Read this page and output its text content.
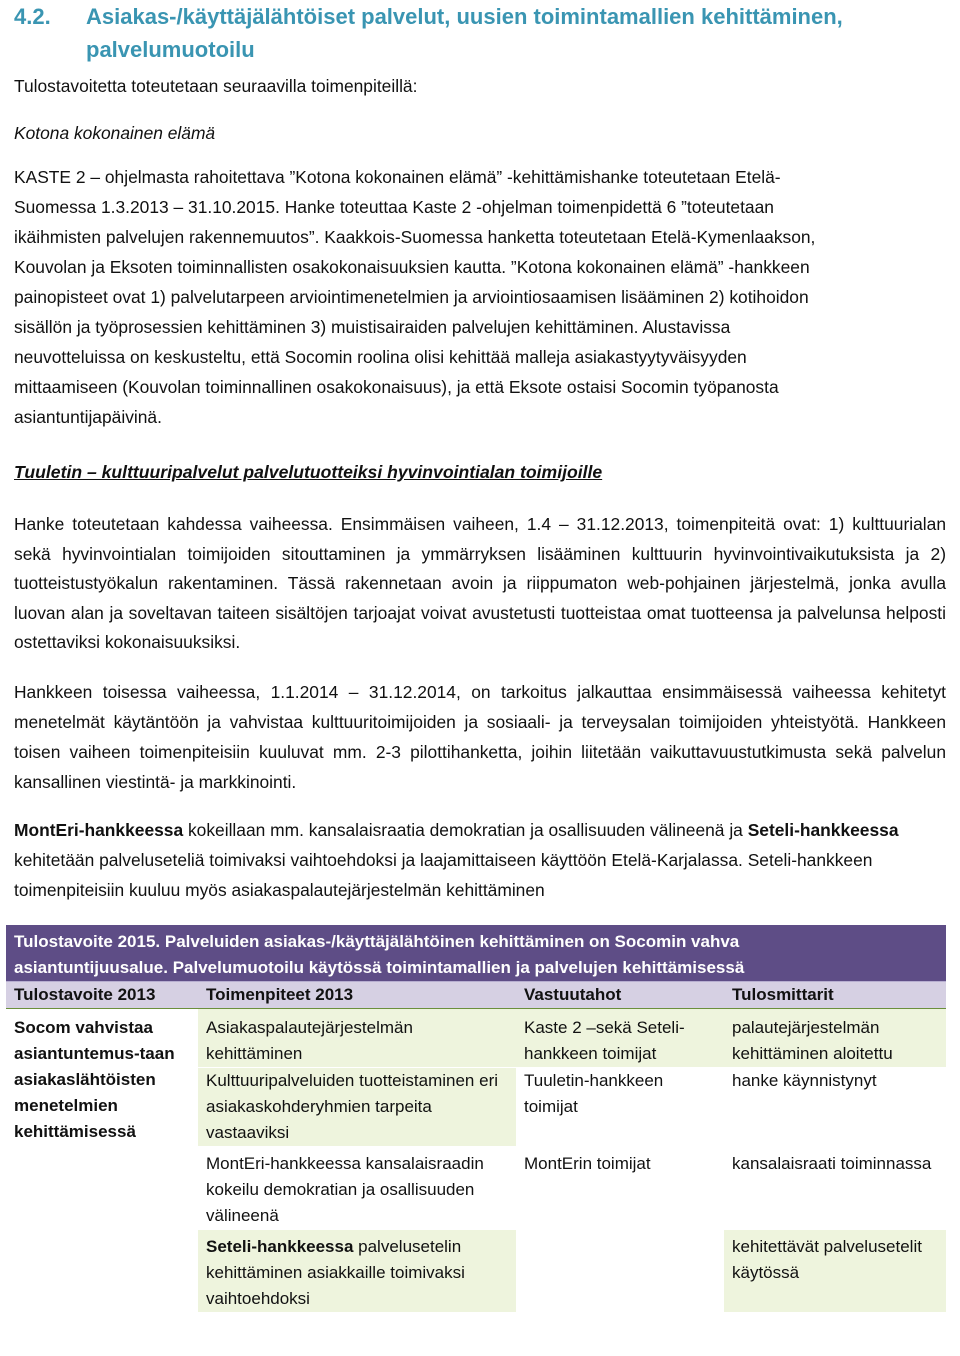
4.2.	Asiakas-/käyttäjälähtöiset palvelut, uusien toimintamallien kehittäminen, palvelumuotoilu

Tulostavoitetta toteutetaan seuraavilla toimenpiteillä:

Kotona kokonainen elämä

KASTE 2 – ohjelmasta rahoitettava ”Kotona kokonainen elämä” -kehittämishanke toteutetaan Etelä-
Suomessa 1.3.2013 – 31.10.2015. Hanke toteuttaa Kaste 2 -ohjelman toimenpidettä 6 ”toteutetaan
ikäihmisten palvelujen rakennemuutos”. Kaakkois-Suomessa hanketta toteutetaan Etelä-Kymenlaakson,
Kouvolan ja Eksoten toiminnallisten osakokonaisuuksien kautta. ”Kotona kokonainen elämä” -hankkeen
painopisteet ovat 1) palvelutarpeen arviointimenetelmien ja arviointiosaamisen lisääminen 2) kotihoidon
sisällön ja työprosessien kehittäminen 3) muistisairaiden palvelujen kehittäminen. Alustavissa
neuvotteluissa on keskusteltu, että Socomin roolina olisi kehittää malleja asiakastyytyväisyyden
mittaamiseen (Kouvolan toiminnallinen osakokonaisuus), ja että Eksote ostaisi Socomin työpanosta
asiantuntijapäivinä.

Tuuletin – kulttuuripalvelut palvelutuotteiksi hyvinvointialan toimijoille

Hanke toteutetaan kahdessa vaiheessa. Ensimmäisen vaiheen, 1.4 – 31.12.2013, toimenpiteitä ovat: 1) kulttuurialan sekä hyvinvointialan toimijoiden sitouttaminen ja ymmärryksen lisääminen kulttuurin hyvinvointivaikutuksista ja 2) tuotteistustyökalun rakentaminen. Tässä rakennetaan avoin ja riippumaton web-pohjainen järjestelmä, jonka avulla luovan alan ja soveltavan taiteen sisältöjen tarjoajat voivat avustetusti tuotteistaa omat tuotteensa ja palvelunsa helposti ostettaviksi kokonaisuuksiksi.

Hankkeen toisessa vaiheessa, 1.1.2014 – 31.12.2014, on tarkoitus jalkauttaa ensimmäisessä vaiheessa kehitetyt menetelmät käytäntöön ja vahvistaa kulttuuritoimijoiden ja sosiaali- ja terveysalan toimijoiden yhteistyötä. Hankkeen toisen vaiheen toimenpiteisiin kuuluvat mm. 2-3 pilottihanketta, joihin liitetään vaikuttavuustutkimusta sekä palvelun kansallinen viestintä- ja markkinointi.

MontEri-hankkeessa kokeillaan mm. kansalaisraatia demokratian ja osallisuuden välineenä ja Seteli-hankkeessa kehitetään palveluseteliä toimivaksi vaihtoehdoksi ja laajamittaiseen käyttöön Etelä-Karjalassa. Seteli-hankkeen toimenpiteisiin kuuluu myös asiakaspalautejärjestelmän kehittäminen

Tulostavoite 2015. Palveluiden asiakas-/käyttäjälähtöinen kehittäminen on Socomin vahva
asiantuntijuusalue. Palvelumuotoilu käytössä toimintamallien ja palvelujen kehittämisessä
Tulostavoite 2013	Toimenpiteet 2013	Vastuutahot	Tulosmittarit
Socom vahvistaa asiantuntemus-taan asiakaslähtöisten menetelmien kehittämisessä	Asiakaspalautejärjestelmän kehittäminen	Kaste 2 –sekä Seteli-hankkeen toimijat	palautejärjestelmän kehittäminen aloitettu
	Kulttuuripalveluiden tuotteistaminen eri asiakaskohderyhmien tarpeita vastaaviksi	Tuuletin-hankkeen toimijat	hanke käynnistynyt
	MontEri-hankkeessa kansalaisraadin kokeilu demokratian ja osallisuuden välineenä	MontErin toimijat	kansalaisraati toiminnassa
	Seteli-hankkeessa palvelusetelin kehittäminen asiakkaille toimivaksi vaihtoehdoksi		kehitettävät palvelusetelit käytössä
